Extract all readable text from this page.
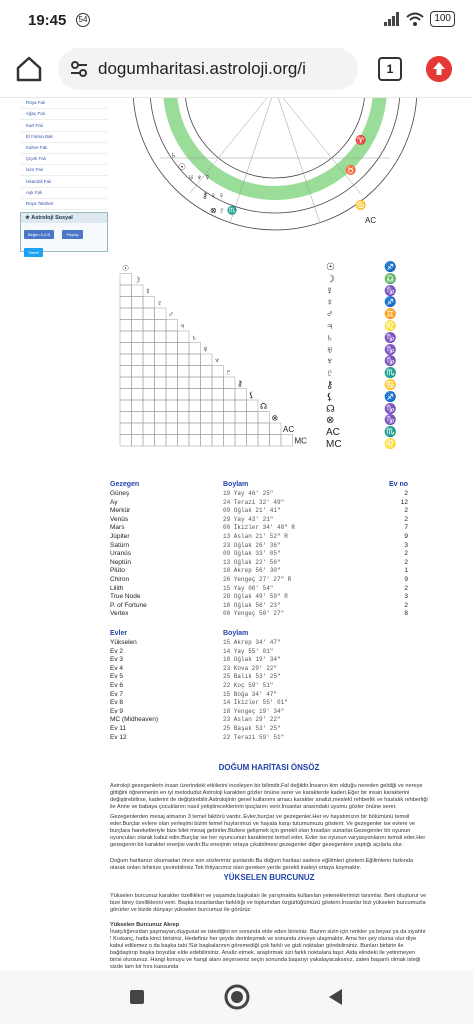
19:45	54	100
dogumharitasi.astroloji.org/i	1
Rüya Falı
Ağaç Falı
Kart Falı
El Falına Bak
Kahve Falı
Çiçek Falı
İsim Falı
İskambil Falı
Aşk Falı
Rüya Tabirleri
★ Astroloji Sosyal
Beğen 5,4 B	Paylaş
Tweet
♄
☉
♅ ♆ ☿
⚷ ♀ ♀
⊗ ♇ ♏
♈
♉
♋
AC
☉
☽
☿
♀
♂
♃
♄
♅
♆
♇
⚷
⚸
☊
⊗
AC
MC
☉	♐
☽	♎
☿	♑
♀	♐
♂	♊
♃	♌
♄	♑
♅	♑
♆	♑
♇	♏
⚷	♋
⚸	♐
☊	♑
⊗	♑
AC	♏
MC	♌
Gezegen	Boylam	Ev no
Güneş	19 Yay 46' 25"	2
Ay	24 Terazi 32' 49"	12
Merkür	09 Oğlak 21' 41"	2
Venüs	29 Yay 43' 21"	2
Mars	00 İkizler 34' 48" R	7
Jüpiter	13 Aslan 21' 52" R	9
Satürn	23 Oğlak 26' 36"	3
Uranüs	09 Oğlak 33' 05"	2
Neptün	13 Oğlak 22' 56"	2
Plüto	18 Akrep 56' 30"	1
Chiron	26 Yengeç 27' 27" R	9
Lilith	15 Yay 00' 54"	2
True Node	28 Oğlak 49' 59" R	3
P. of Fortune	10 Oğlak 56' 23"	2
Vertex	00 Yengeç 50' 27"	8
Evler	Boylam
Yükselen	15 Akrep 34' 47"
Ev 2	14 Yay 55' 01"
Ev 3	18 Oğlak 19' 34"
Ev 4	23 Kova 29' 22"
Ev 5	25 Balık 53' 25"
Ev 6	22 Koç 59' 51"
Ev 7	15 Boğa 34' 47"
Ev 8	14 İkizler 55' 01"
Ev 9	18 Yengeç 19' 34"
MC (Midheaven)	23 Aslan 29' 22"
Ev 11	25 Başak 53' 25"
Ev 12	22 Terazi 59' 51"
DOĞUM HARİTASI ÖNSÖZ

Astroloji gezegenlerin insan üzerindeki etkilerini inceleyen bir bilimdir.Fal değildir.İnsanın kim olduğu nereden geldiği ve nereye gittiğini öğrenmenin en iyi metodudur.Astroloji karakteri gözler önüne serer ve karakterde kaderi.Eğer bir insan karakterini değiştirebilirse, kaderini de değiştirebilir.Astrolojinin genel kullanımı amacı karakter analizi,meslekî rehberlik ve haslalık rehberliği ile Anne ve babaya çocuklarını nasıl yetiştireceklerinin ipuçlarını verir.İnsanlar arasındaki uyumu gözler önüne serer.

Gezegenlerden mesaj almanın 3 temel faktörü vardır..Evler,burçlar ve gezegenler.Her ev hayatımızın bir bölümünü temsil eder.Burçlar evlere olan yerleşimi bizim temel huylarımızı ve hayata karşı tutumumuzu gösterir. Ve gezegenler ise evlere ve burçlara hareketleriyle bize bilet mesaj getirirler.Bizlere gelişmek için gerekli olan fırsatları sunarlar.Gezegenler bir oyunun oyuncuları olarak kabul edin.Burçlar ise her oyuncunun karakterini temsil eder. Evler ise oyunun varyasyonlarını temsil eder.Her gezegenin bir karakter enerjisi vardır.Bu enerjinin ortaya çıkabilmesi gezegenler diğer gezegenlere yaptığı açılarla olur.

Doğum haritanızı okumadan önce son sözlerimiz şunlardır.Bu doğum haritası sadece eğilimleri gösterir.Eğilimlerin farkında olarak onları lehinize çevirebilirsiz.Tek ihtiyacımız olan gereken yerde gerekli iradeyi ortaya koymaktır.

YÜKSELEN BURCUNUZ

Yükselen burcunuz karakter özellikleri ve yaşamda başkaları ile yarışmakta kullanılan yeteneklerimizi tanımlar. Beni oluşturur ve bize birey özelliklerini verir. Başka insanlardan farklılığı ve toplumdan özgürlüğümüzü gösterir.İnsanlar bizi yükselen burcumuzla görürler ve bizde dünyayı yükselen burcumuz ile görürüz

Yükselen Burcunuz Akrep

İnatçılığınızdan şaşmayan,duygusal ve istediğini en sonunda elde eden birisiniz. Bazen sizin için renkler ya beyaz ya da siyahtır ! Kıskanç, hatta kinci birisiniz. Hedefiniz her şeyde derinleşmek ve sonunda zirveye ulaşmaktır. Ama her şey olursa olur diye kabul edilemez o da başka tabi !Siz başkalarının göremediği çok farklı ve gizli noktaları görebilirsiniz. Bunları birbirin ile bağdaştırıp başka boyutlar elde edebilirsiniz. Analiz etmek, araştırmak sizi farklı noktalara taşır. Aida elindeki ile yetinmeyen birisi olursunuz. Hangi konuyu ve hangi alanı seçerseniz seçin sonunda başarıyı yakalayacaksınız, zaten başarılı olmak isteği sizde tam bir hırs kaosunda
